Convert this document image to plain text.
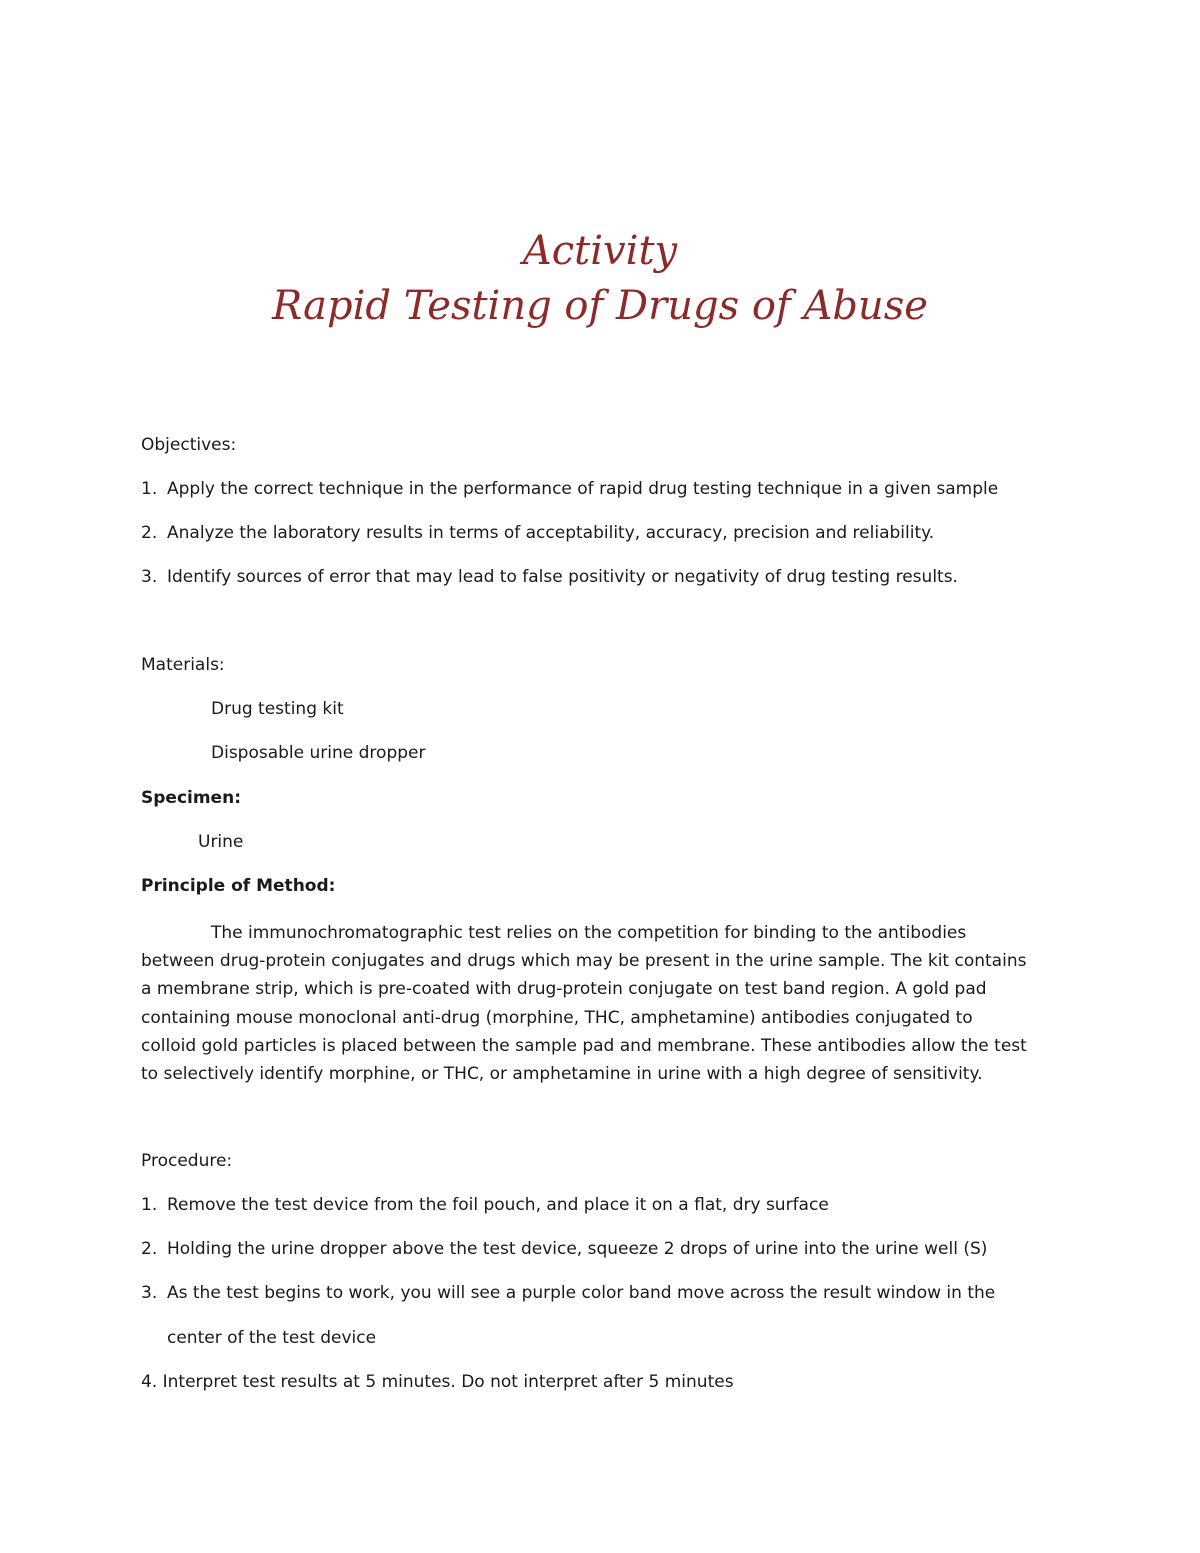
Activity
Rapid Testing of Drugs of Abuse
Objectives:
1. Apply the correct technique in the performance of rapid drug testing technique in a given sample
2. Analyze the laboratory results in terms of acceptability, accuracy, precision and reliability.
3. Identify sources of error that may lead to false positivity or negativity of drug testing results.
Materials:
Drug testing kit
Disposable urine dropper
Specimen:
Urine
Principle of Method:
The immunochromatographic test relies on the competition for binding to the antibodies
between drug-protein conjugates and drugs which may be present in the urine sample. The kit contains
a membrane strip, which is pre-coated with drug-protein conjugate on test band region. A gold pad
containing mouse monoclonal anti-drug (morphine, THC, amphetamine) antibodies conjugated to
colloid gold particles is placed between the sample pad and membrane. These antibodies allow the test
to selectively identify morphine, or THC, or amphetamine in urine with a high degree of sensitivity.
Procedure:
1. Remove the test device from the foil pouch, and place it on a flat, dry surface
2. Holding the urine dropper above the test device, squeeze 2 drops of urine into the urine well (S)
3. As the test begins to work, you will see a purple color band move across the result window in the
center of the test device
4. Interpret test results at 5 minutes. Do not interpret after 5 minutes
